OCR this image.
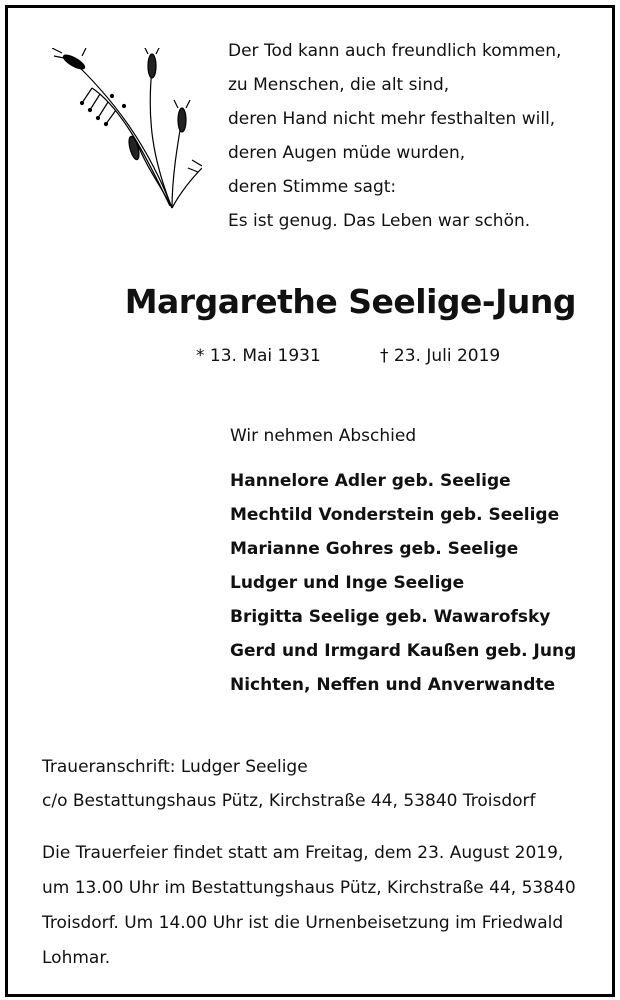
Der Tod kann auch freundlich kommen,
zu Menschen, die alt sind,
deren Hand nicht mehr festhalten will,
deren Augen müde wurden,
deren Stimme sagt:
Es ist genug. Das Leben war schön.
Margarethe Seelige-Jung
* 13. Mai 1931	† 23. Juli 2019
Wir nehmen Abschied
Hannelore Adler geb. Seelige
Mechtild Vonderstein geb. Seelige
Marianne Gohres geb. Seelige
Ludger und Inge Seelige
Brigitta Seelige geb. Wawarofsky
Gerd und Irmgard Kaußen geb. Jung
Nichten, Neffen und Anverwandte
Traueranschrift: Ludger Seelige
c/o Bestattungshaus Pütz, Kirchstraße 44, 53840 Troisdorf
Die Trauerfeier findet statt am Freitag, dem 23. August 2019,
um 13.00 Uhr im Bestattungshaus Pütz, Kirchstraße 44, 53840
Troisdorf. Um 14.00 Uhr ist die Urnenbeisetzung im Friedwald
Lohmar.
